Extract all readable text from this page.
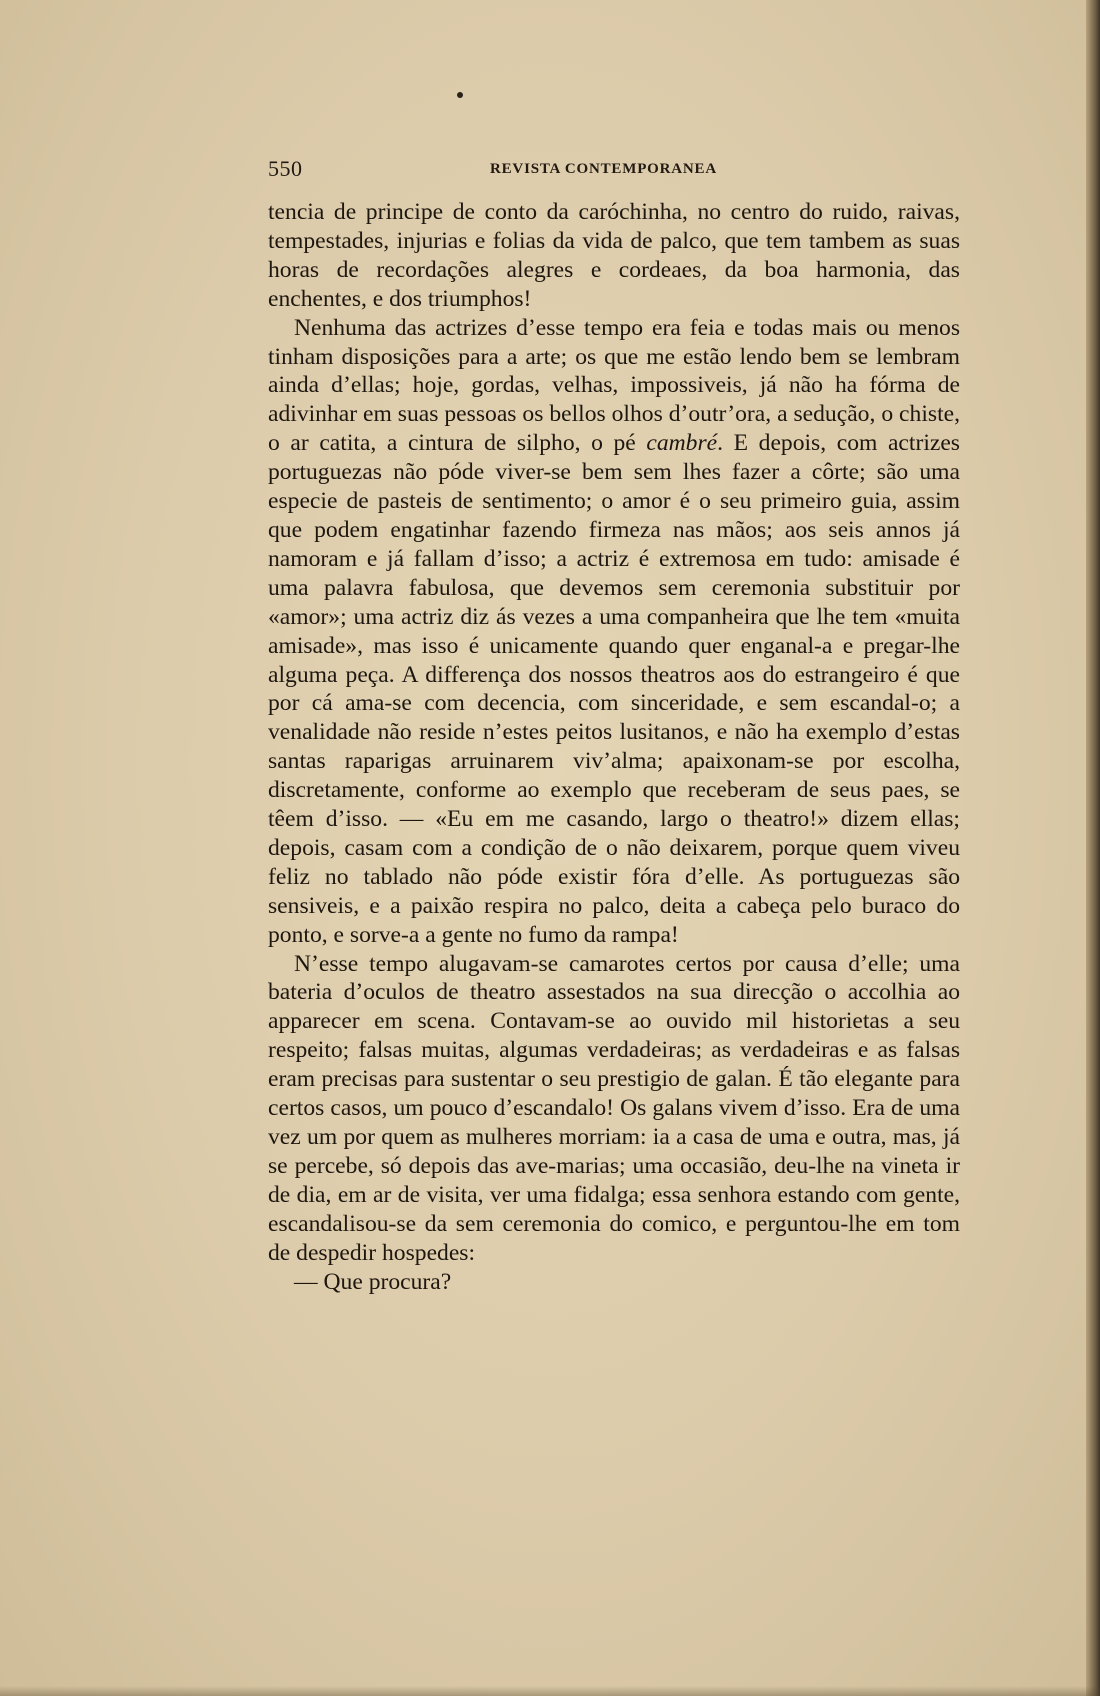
550	REVISTA CONTEMPORANEA

tencia de principe de conto da caróchinha, no centro do ruido, raivas, tempestades, injurias e folias da vida de palco, que tem tambem as suas horas de recordações alegres e cordeaes, da boa harmonia, das enchentes, e dos triumphos!

Nenhuma das actrizes d’esse tempo era feia e todas mais ou menos tinham disposições para a arte; os que me estão lendo bem se lembram ainda d’ellas; hoje, gordas, velhas, impossiveis, já não ha fórma de adivinhar em suas pessoas os bellos olhos d’outr’ora, a sedução, o chiste, o ar catita, a cintura de silpho, o pé cambré. E depois, com actrizes portuguezas não póde viver-se bem sem lhes fazer a côrte; são uma especie de pasteis de sentimento; o amor é o seu primeiro guia, assim que podem engatinhar fazendo firmeza nas mãos; aos seis annos já namoram e já fallam d’isso; a actriz é extremosa em tudo: amisade é uma palavra fabulosa, que devemos sem ceremonia substituir por «amor»; uma actriz diz ás vezes a uma companheira que lhe tem «muita amisade», mas isso é unicamente quando quer enganal-a e pregar-lhe alguma peça. A differença dos nossos theatros aos do estrangeiro é que por cá ama-se com decencia, com sinceridade, e sem escandal-o; a venalidade não reside n’estes peitos lusitanos, e não ha exemplo d’estas santas raparigas arruinarem viv’alma; apaixonam-se por escolha, discretamente, conforme ao exemplo que receberam de seus paes, se têem d’isso. — «Eu em me casando, largo o theatro!» dizem ellas; depois, casam com a condição de o não deixarem, porque quem viveu feliz no tablado não póde existir fóra d’elle. As portuguezas são sensiveis, e a paixão respira no palco, deita a cabeça pelo buraco do ponto, e sorve-a a gente no fumo da rampa!

N’esse tempo alugavam-se camarotes certos por causa d’elle; uma bateria d’oculos de theatro assestados na sua direcção o accolhia ao apparecer em scena. Contavam-se ao ouvido mil historietas a seu respeito; falsas muitas, algumas verdadeiras; as verdadeiras e as falsas eram precisas para sustentar o seu prestigio de galan. É tão elegante para certos casos, um pouco d’escandalo! Os galans vivem d’isso. Era de uma vez um por quem as mulheres morriam: ia a casa de uma e outra, mas, já se percebe, só depois das ave-marias; uma occasião, deu-lhe na vineta ir de dia, em ar de visita, ver uma fidalga; essa senhora estando com gente, escandalisou-se da sem ceremonia do comico, e perguntou-lhe em tom de despedir hospedes:

— Que procura?
